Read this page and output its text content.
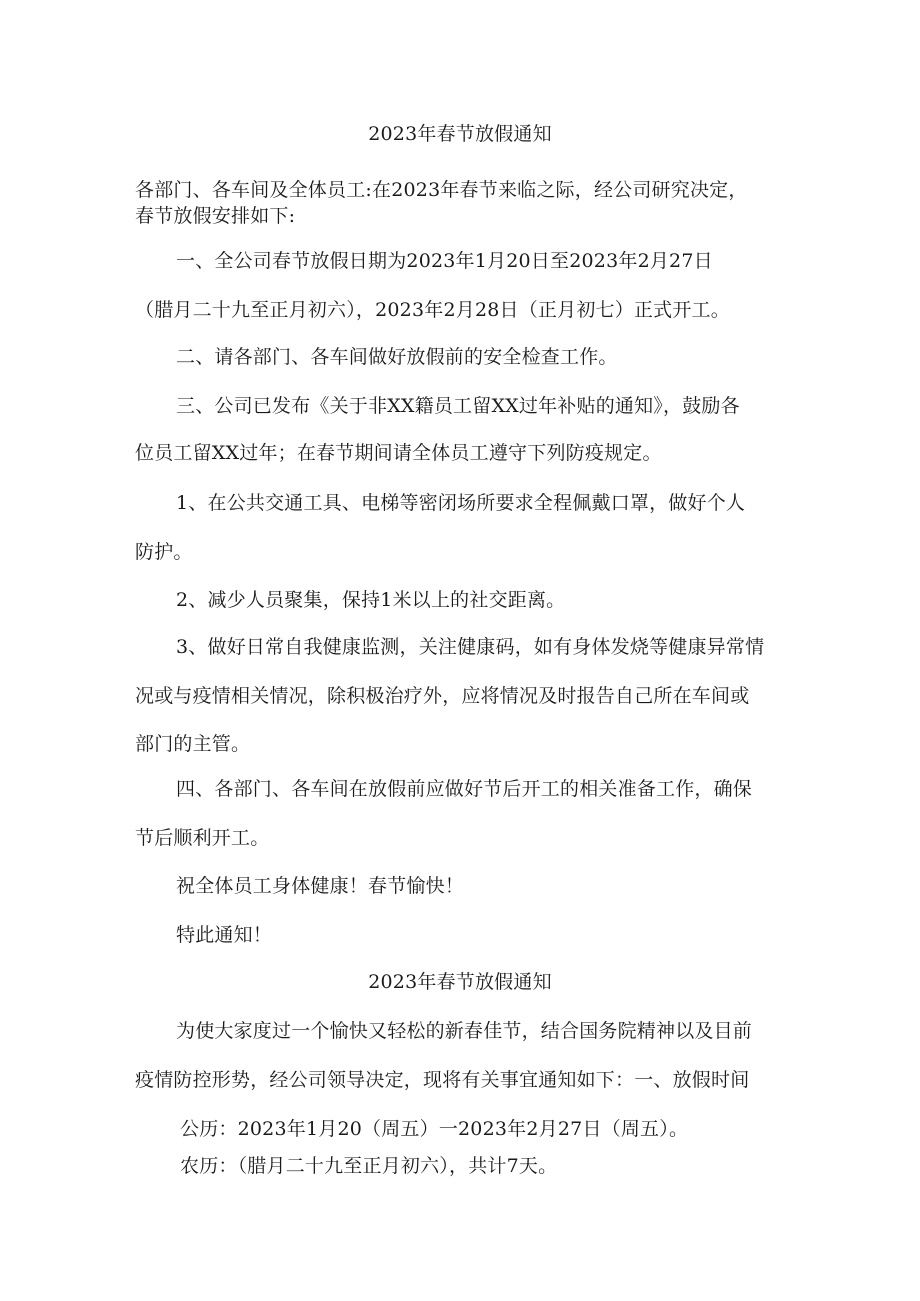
2023年春节放假通知
各部门、各车间及全体员工:在2023年春节来临之际，经公司研究决定，
春节放假安排如下:
一、全公司春节放假日期为2023年1月20日至2023年2月27日
（腊月二十九至正月初六），2023年2月28日（正月初七）正式开工。
二、请各部门、各车间做好放假前的安全检查工作。
三、公司已发布《关于非XX籍员工留XX过年补贴的通知》，鼓励各
位员工留XX过年；在春节期间请全体员工遵守下列防疫规定。
1、在公共交通工具、电梯等密闭场所要求全程佩戴口罩，做好个人
防护。
2、减少人员聚集，保持1米以上的社交距离。
3、做好日常自我健康监测，关注健康码，如有身体发烧等健康异常情
况或与疫情相关情况，除积极治疗外，应将情况及时报告自己所在车间或
部门的主管。
四、各部门、各车间在放假前应做好节后开工的相关准备工作，确保
节后顺利开工。
祝全体员工身体健康！春节愉快！
特此通知！
2023年春节放假通知
为使大家度过一个愉快又轻松的新春佳节，结合国务院精神以及目前
疫情防控形势，经公司领导决定，现将有关事宜通知如下：一、放假时间
公历：2023年1月20（周五）一2023年2月27日（周五）。
农历：（腊月二十九至正月初六），共计7天。
